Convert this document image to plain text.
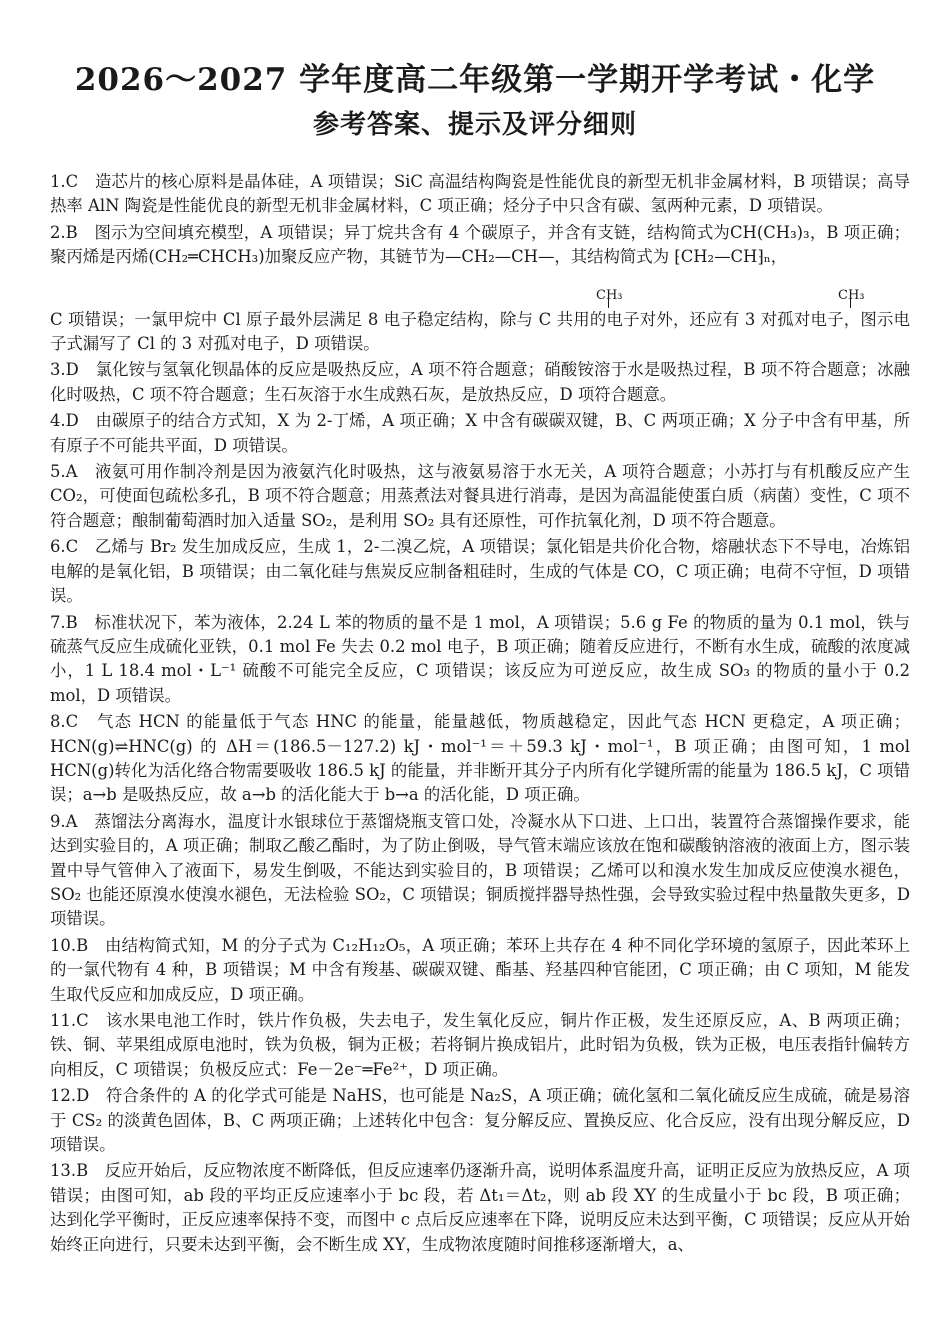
2026～2027 学年度高二年级第一学期开学考试・化学
参考答案、提示及评分细则

1.C　造芯片的核心原料是晶体硅，A 项错误；SiC 高温结构陶瓷是性能优良的新型无机非金属材料，B 项错误；高导热率 AlN 陶瓷是性能优良的新型无机非金属材料，C 项正确；烃分子中只含有碳、氢两种元素，D 项错误。

2.B　图示为空间填充模型，A 项错误；异丁烷共含有 4 个碳原子，并含有支链，结构简式为CH(CH₃)₃，B 项正确；聚丙烯是丙烯(CH₂═CHCH₃)加聚反应产物，其链节为—CH₂—CH—，其结构简式为 ⁅CH₂—CH⁆ₙ，

CH₃	CH₃

C 项错误；一氯甲烷中 Cl 原子最外层满足 8 电子稳定结构，除与 C 共用的电子对外，还应有 3 对孤对电子，图示电子式漏写了 Cl 的 3 对孤对电子，D 项错误。

3.D　氯化铵与氢氧化钡晶体的反应是吸热反应，A 项不符合题意；硝酸铵溶于水是吸热过程，B 项不符合题意；冰融化时吸热，C 项不符合题意；生石灰溶于水生成熟石灰，是放热反应，D 项符合题意。

4.D　由碳原子的结合方式知，X 为 2-丁烯，A 项正确；X 中含有碳碳双键，B、C 两项正确；X 分子中含有甲基，所有原子不可能共平面，D 项错误。

5.A　液氨可用作制冷剂是因为液氨汽化时吸热，这与液氨易溶于水无关，A 项符合题意；小苏打与有机酸反应产生 CO₂，可使面包疏松多孔，B 项不符合题意；用蒸煮法对餐具进行消毒，是因为高温能使蛋白质（病菌）变性，C 项不符合题意；酿制葡萄酒时加入适量 SO₂，是利用 SO₂ 具有还原性，可作抗氧化剂，D 项不符合题意。

6.C　乙烯与 Br₂ 发生加成反应，生成 1，2-二溴乙烷，A 项错误；氯化铝是共价化合物，熔融状态下不导电，冶炼铝电解的是氧化铝，B 项错误；由二氧化硅与焦炭反应制备粗硅时，生成的气体是 CO，C 项正确；电荷不守恒，D 项错误。

7.B　标准状况下，苯为液体，2.24 L 苯的物质的量不是 1 mol，A 项错误；5.6 g Fe 的物质的量为 0.1 mol，铁与硫蒸气反应生成硫化亚铁，0.1 mol Fe 失去 0.2 mol 电子，B 项正确；随着反应进行，不断有水生成，硫酸的浓度减小，1 L 18.4 mol・L⁻¹ 硫酸不可能完全反应，C 项错误；该反应为可逆反应，故生成 SO₃ 的物质的量小于 0.2 mol，D 项错误。

8.C　气态 HCN 的能量低于气态 HNC 的能量，能量越低，物质越稳定，因此气态 HCN 更稳定，A 项正确；HCN(g)⇌HNC(g) 的 ΔH＝(186.5－127.2) kJ・mol⁻¹＝＋59.3 kJ・mol⁻¹，B 项正确；由图可知，1 mol HCN(g)转化为活化络合物需要吸收 186.5 kJ 的能量，并非断开其分子内所有化学键所需的能量为 186.5 kJ，C 项错误；a→b 是吸热反应，故 a→b 的活化能大于 b→a 的活化能，D 项正确。

9.A　蒸馏法分离海水，温度计水银球位于蒸馏烧瓶支管口处，冷凝水从下口进、上口出，装置符合蒸馏操作要求，能达到实验目的，A 项正确；制取乙酸乙酯时，为了防止倒吸，导气管末端应该放在饱和碳酸钠溶液的液面上方，图示装置中导气管伸入了液面下，易发生倒吸，不能达到实验目的，B 项错误；乙烯可以和溴水发生加成反应使溴水褪色，SO₂ 也能还原溴水使溴水褪色，无法检验 SO₂，C 项错误；铜质搅拌器导热性强，会导致实验过程中热量散失更多，D 项错误。

10.B　由结构简式知，M 的分子式为 C₁₂H₁₂O₅，A 项正确；苯环上共存在 4 种不同化学环境的氢原子，因此苯环上的一氯代物有 4 种，B 项错误；M 中含有羧基、碳碳双键、酯基、羟基四种官能团，C 项正确；由 C 项知，M 能发生取代反应和加成反应，D 项正确。

11.C　该水果电池工作时，铁片作负极，失去电子，发生氧化反应，铜片作正极，发生还原反应，A、B 两项正确；铁、铜、苹果组成原电池时，铁为负极，铜为正极；若将铜片换成铝片，此时铝为负极，铁为正极，电压表指针偏转方向相反，C 项错误；负极反应式：Fe－2e⁻═Fe²⁺，D 项正确。

12.D　符合条件的 A 的化学式可能是 NaHS，也可能是 Na₂S，A 项正确；硫化氢和二氧化硫反应生成硫，硫是易溶于 CS₂ 的淡黄色固体，B、C 两项正确；上述转化中包含：复分解反应、置换反应、化合反应，没有出现分解反应，D 项错误。

13.B　反应开始后，反应物浓度不断降低，但反应速率仍逐渐升高，说明体系温度升高，证明正反应为放热反应，A 项错误；由图可知，ab 段的平均正反应速率小于 bc 段，若 Δt₁＝Δt₂，则 ab 段 XY 的生成量小于 bc 段，B 项正确；达到化学平衡时，正反应速率保持不变，而图中 c 点后反应速率在下降，说明反应未达到平衡，C 项错误；反应从开始始终正向进行，只要未达到平衡，会不断生成 XY，生成物浓度随时间推移逐渐增大，a、
